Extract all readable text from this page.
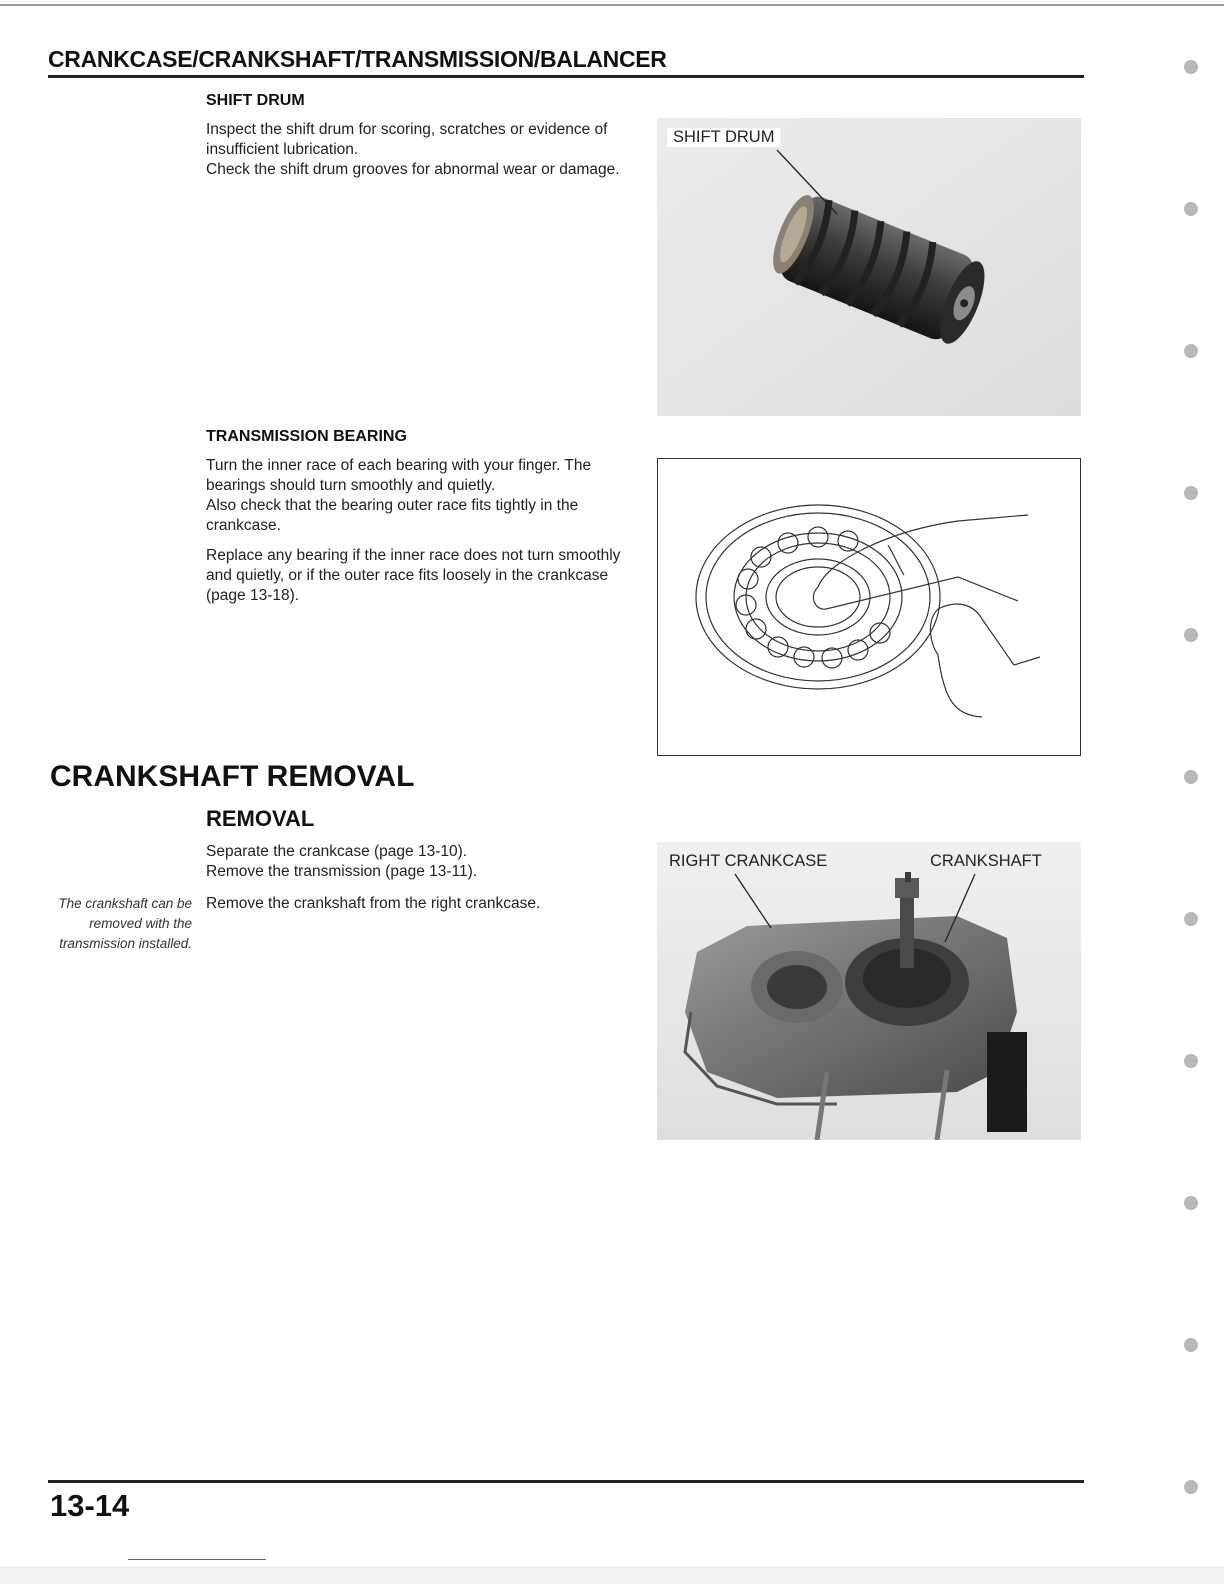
CRANKCASE/CRANKSHAFT/TRANSMISSION/BALANCER
SHIFT DRUM

Inspect the shift drum for scoring, scratches or evidence of insufficient lubrication.

Check the shift drum grooves for abnormal wear or damage.

SHIFT DRUM
TRANSMISSION BEARING

Turn the inner race of each bearing with your finger. The bearings should turn smoothly and quietly.

Also check that the bearing outer race fits tightly in the crankcase.

Replace any bearing if the inner race does not turn smoothly and quietly, or if the outer race fits loosely in the crankcase (page 13-18).

CRANKSHAFT REMOVAL
REMOVAL

Separate the crankcase (page 13-10).

Remove the transmission (page 13-11).

Remove the crankshaft from the right crankcase.

The crankshaft can be removed with the transmission installed.
RIGHT CRANKCASE	CRANKSHAFT
13-14
